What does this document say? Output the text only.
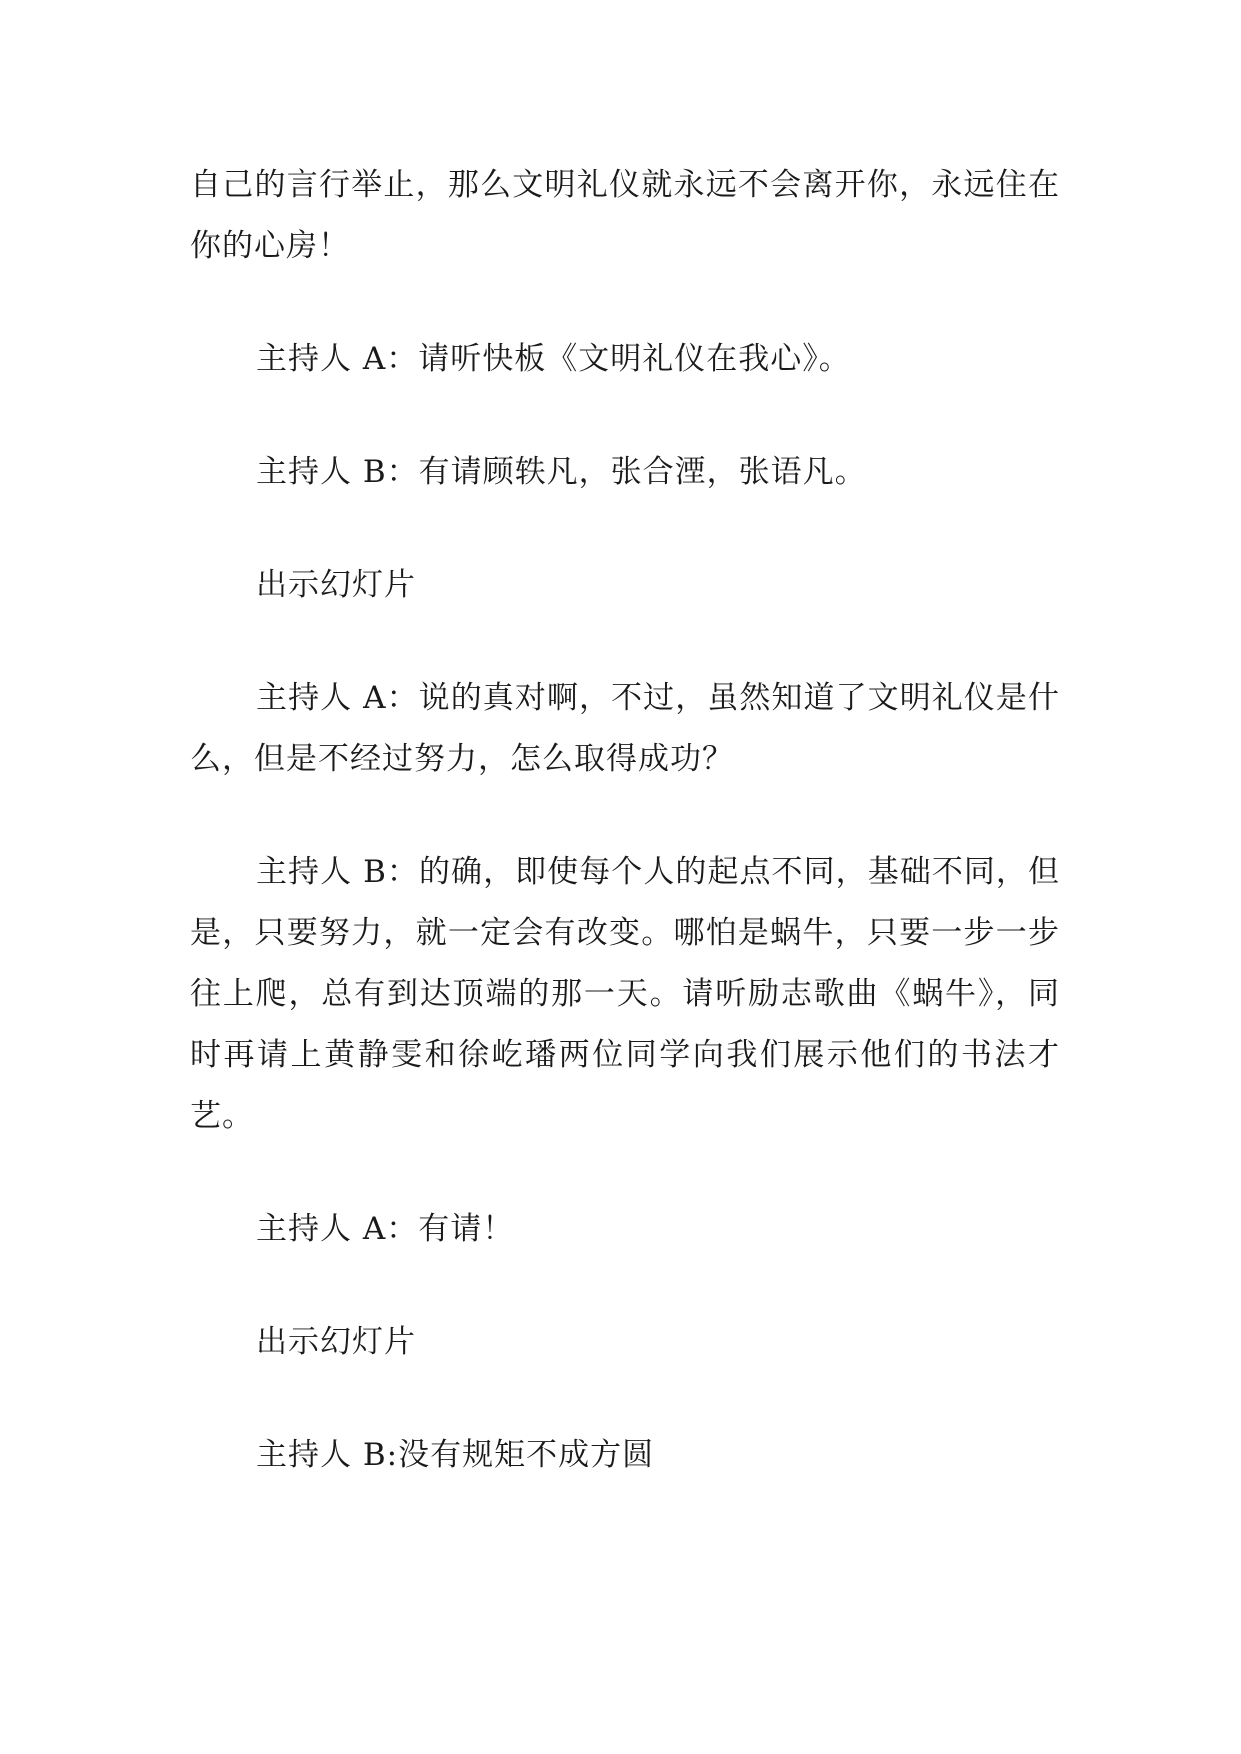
自己的言行举止，那么文明礼仪就永远不会离开你，永远住在你的心房！

主持人 A：请听快板《文明礼仪在我心》。

主持人 B：有请顾轶凡，张合湮，张语凡。

出示幻灯片

主持人 A：说的真对啊，不过，虽然知道了文明礼仪是什么，但是不经过努力，怎么取得成功？

主持人 B：的确，即使每个人的起点不同，基础不同，但是，只要努力，就一定会有改变。哪怕是蜗牛，只要一步一步往上爬，总有到达顶端的那一天。请听励志歌曲《蜗牛》，同时再请上黄静雯和徐屹璠两位同学向我们展示他们的书法才艺。

主持人 A：有请！

出示幻灯片

主持人 B:没有规矩不成方圆
